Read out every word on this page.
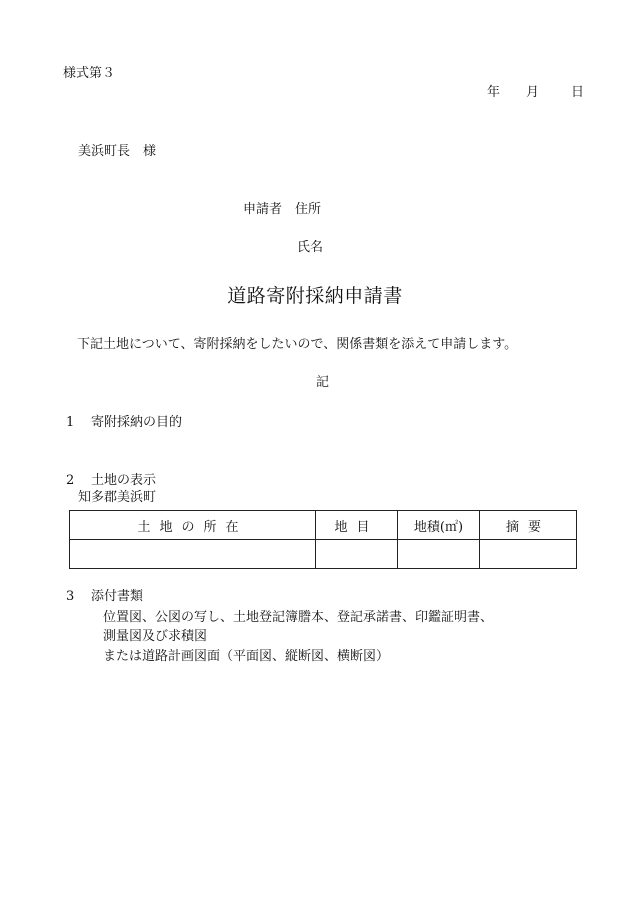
様式第３
年 月 日
美浜町長　様
申請者　住所
氏名
道路寄附採納申請書
下記土地について、寄附採納をしたいので、関係書類を添えて申請します。
記
1 寄附採納の目的
2 土地の表示
知多郡美浜町
土地の所在	地目	地積(㎡)	摘要

3 添付書類
位置図、公図の写し、土地登記簿謄本、登記承諾書、印鑑証明書、
測量図及び求積図
または道路計画図面（平面図、縦断図、横断図）
